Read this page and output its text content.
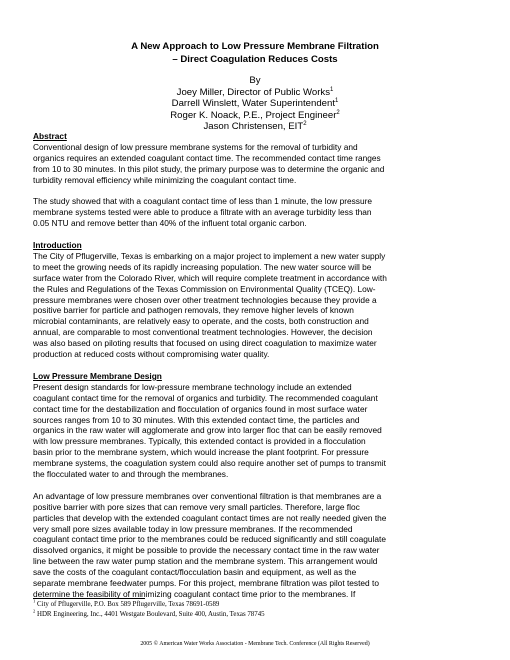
A New Approach to Low Pressure Membrane Filtration
– Direct Coagulation Reduces Costs
By
Joey Miller, Director of Public Works$^1$
Darrell Winslett, Water Superintendent$^1$
Roger K. Noack, P.E., Project Engineer$^2$
Jason Christensen, EIT$^2$
Abstract
Conventional design of low pressure membrane systems for the removal of turbidity and
organics requires an extended coagulant contact time. The recommended contact time ranges
from 10 to 30 minutes. In this pilot study, the primary purpose was to determine the organic and
turbidity removal efficiency while minimizing the coagulant contact time.
The study showed that with a coagulant contact time of less than 1 minute, the low pressure
membrane systems tested were able to produce a filtrate with an average turbidity less than
0.05 NTU and remove better than 40% of the influent total organic carbon.
Introduction
The City of Pflugerville, Texas is embarking on a major project to implement a new water supply
to meet the growing needs of its rapidly increasing population. The new water source will be
surface water from the Colorado River, which will require complete treatment in accordance with
the Rules and Regulations of the Texas Commission on Environmental Quality (TCEQ). Low-
pressure membranes were chosen over other treatment technologies because they provide a
positive barrier for particle and pathogen removals, they remove higher levels of known
microbial contaminants, are relatively easy to operate, and the costs, both construction and
annual, are comparable to most conventional treatment technologies. However, the decision
was also based on piloting results that focused on using direct coagulation to maximize water
production at reduced costs without compromising water quality.
Low Pressure Membrane Design
Present design standards for low-pressure membrane technology include an extended
coagulant contact time for the removal of organics and turbidity. The recommended coagulant
contact time for the destabilization and flocculation of organics found in most surface water
sources ranges from 10 to 30 minutes. With this extended contact time, the particles and
organics in the raw water will agglomerate and grow into larger floc that can be easily removed
with low pressure membranes. Typically, this extended contact is provided in a flocculation
basin prior to the membrane system, which would increase the plant footprint. For pressure
membrane systems, the coagulation system could also require another set of pumps to transmit
the flocculated water to and through the membranes.
An advantage of low pressure membranes over conventional filtration is that membranes are a
positive barrier with pore sizes that can remove very small particles. Therefore, large floc
particles that develop with the extended coagulant contact times are not really needed given the
very small pore sizes available today in low pressure membranes. If the recommended
coagulant contact time prior to the membranes could be reduced significantly and still coagulate
dissolved organics, it might be possible to provide the necessary contact time in the raw water
line between the raw water pump station and the membrane system. This arrangement would
save the costs of the coagulant contact/flocculation basin and equipment, as well as the
separate membrane feedwater pumps. For this project, membrane filtration was pilot tested to
determine the feasibility of minimizing coagulant contact time prior to the membranes. If
$^1$ City of Pflugerville, P.O. Box 589 Pflugerville, Texas 78691-0589
$^2$ HDR Engineering, Inc., 4401 Westgate Boulevard, Suite 400, Austin, Texas 78745
2005 © American Water Works Association - Membrane Tech. Conference (All Rights Reserved)
